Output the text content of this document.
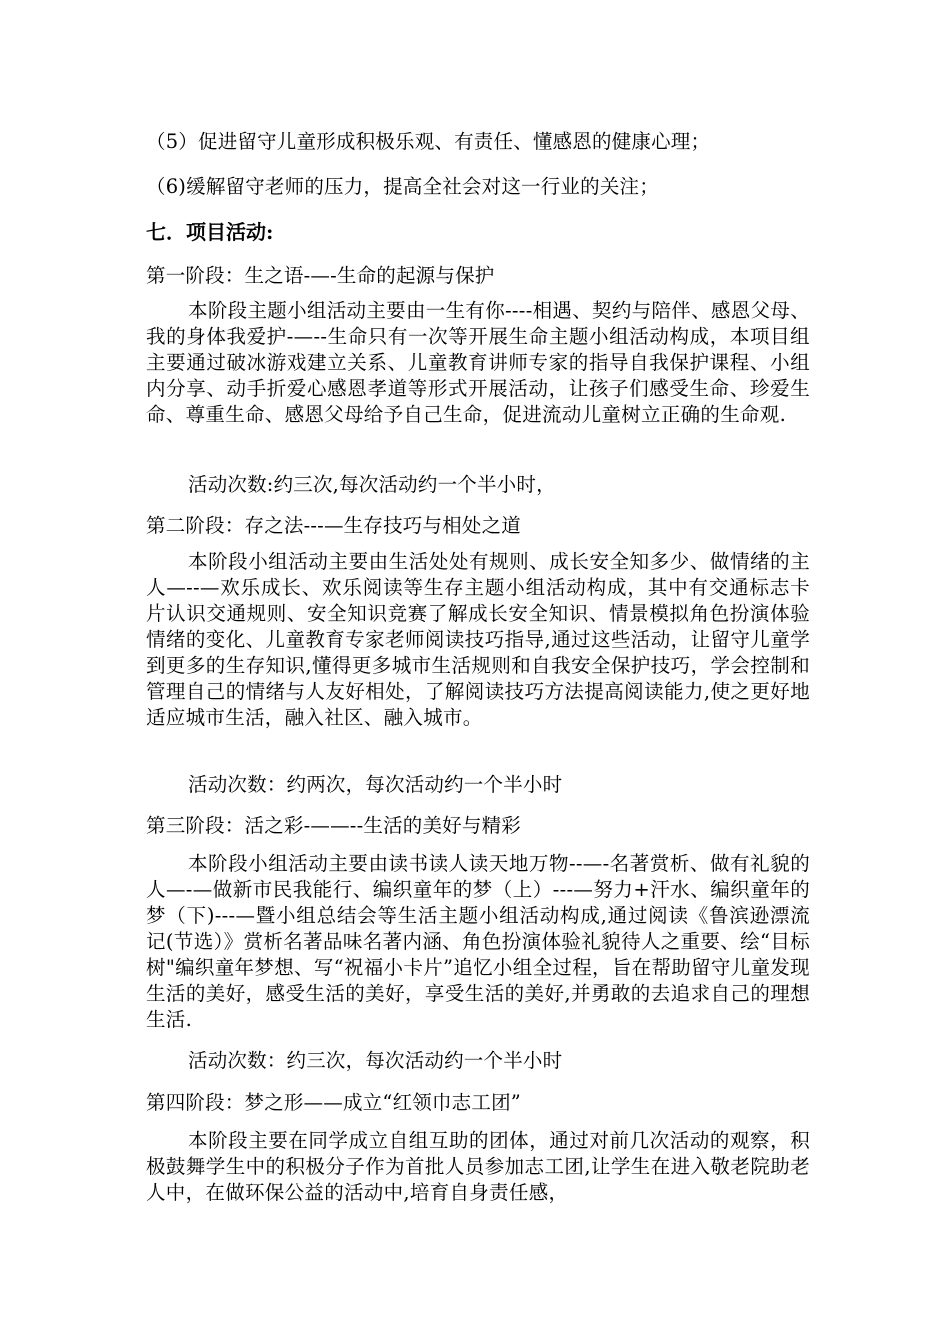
（5）促进留守儿童形成积极乐观、有责任、懂感恩的健康心理；
（6)缓解留守老师的压力，提高全社会对这一行业的关注；
七．项目活动:
第一阶段：生之语-—-生命的起源与保护
本阶段主题小组活动主要由一生有你----相遇、契约与陪伴、感恩父母、我的身体我爱护-—--生命只有一次等开展生命主题小组活动构成，本项目组主要通过破冰游戏建立关系、儿童教育讲师专家的指导自我保护课程、小组内分享、动手折爱心感恩孝道等形式开展活动，让孩子们感受生命、珍爱生命、尊重生命、感恩父母给予自己生命，促进流动儿童树立正确的生命观.
活动次数:约三次,每次活动约一个半小时，
第二阶段：存之法---—生存技巧与相处之道
本阶段小组活动主要由生活处处有规则、成长安全知多少、做情绪的主人—--—欢乐成长、欢乐阅读等生存主题小组活动构成，其中有交通标志卡片认识交通规则、安全知识竞赛了解成长安全知识、情景模拟角色扮演体验情绪的变化、儿童教育专家老师阅读技巧指导,通过这些活动，让留守儿童学到更多的生存知识,懂得更多城市生活规则和自我安全保护技巧，学会控制和管理自己的情绪与人友好相处，了解阅读技巧方法提高阅读能力,使之更好地适应城市生活，融入社区、融入城市。
活动次数：约两次，每次活动约一个半小时
第三阶段：活之彩-——--生活的美好与精彩
本阶段小组活动主要由读书读人读天地万物--—-名著赏析、做有礼貌的人—-—做新市民我能行、编织童年的梦（上）---—努力+汗水、编织童年的梦（下)---—暨小组总结会等生活主题小组活动构成,通过阅读《鲁滨逊漂流记(节选）》赏析名著品味名著内涵、角色扮演体验礼貌待人之重要、绘“目标树"编织童年梦想、写“祝福小卡片”追忆小组全过程，旨在帮助留守儿童发现生活的美好，感受生活的美好，享受生活的美好,并勇敢的去追求自己的理想生活.
活动次数：约三次，每次活动约一个半小时
第四阶段：梦之形——成立“红领巾志工团”
本阶段主要在同学成立自组互助的团体，通过对前几次活动的观察，积极鼓舞学生中的积极分子作为首批人员参加志工团,让学生在进入敬老院助老人中，在做环保公益的活动中,培育自身责任感，
